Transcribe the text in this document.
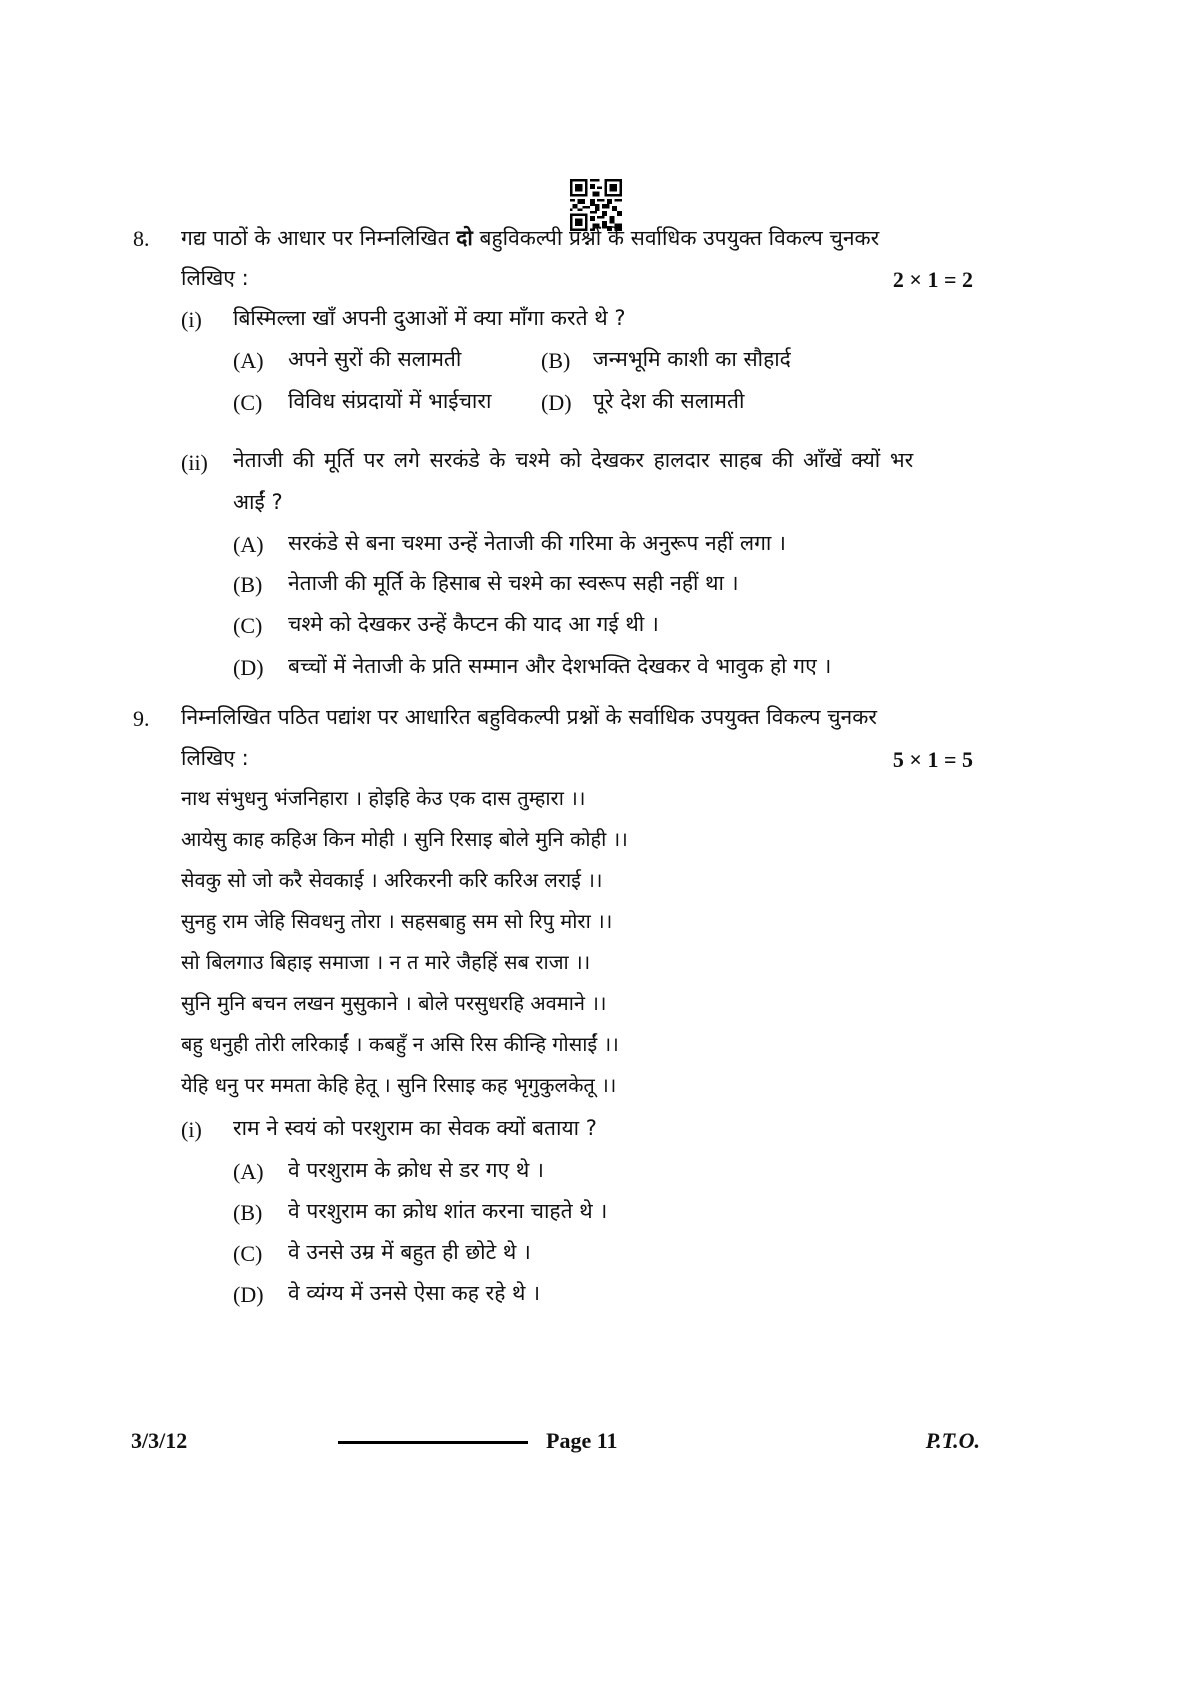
8. गद्य पाठों के आधार पर निम्नलिखित दो बहुविकल्पी प्रश्नों के सर्वाधिक उपयुक्त विकल्प चुनकर
लिखिए :	2 × 1 = 2
(i) बिस्मिल्ला खाँ अपनी दुआओं में क्या माँगा करते थे ?
(A) अपने सुरों की सलामती	(B) जन्मभूमि काशी का सौहार्द
(C) विविध संप्रदायों में भाईचारा (D) पूरे देश की सलामती
(ii) नेताजी की मूर्ति पर लगे सरकंडे के चश्मे को देखकर हालदार साहब की आँखें क्यों भर
आईं ?
(A) सरकंडे से बना चश्मा उन्हें नेताजी की गरिमा के अनुरूप नहीं लगा ।
(B) नेताजी की मूर्ति के हिसाब से चश्मे का स्वरूप सही नहीं था ।
(C) चश्मे को देखकर उन्हें कैप्टन की याद आ गई थी ।
(D) बच्चों में नेताजी के प्रति सम्मान और देशभक्ति देखकर वे भावुक हो गए ।
9. निम्नलिखित पठित पद्यांश पर आधारित बहुविकल्पी प्रश्नों के सर्वाधिक उपयुक्त विकल्प चुनकर
लिखिए :	5 × 1 = 5
नाथ संभुधनु भंजनिहारा । होइहि केउ एक दास तुम्हारा ।।
आयेसु काह कहिअ किन मोही । सुनि रिसाइ बोले मुनि कोही ।।
सेवकु सो जो करै सेवकाई । अरिकरनी करि करिअ लराई ।।
सुनहु राम जेहि सिवधनु तोरा । सहसबाहु सम सो रिपु मोरा ।।
सो बिलगाउ बिहाइ समाजा । न त मारे जैहहिं सब राजा ।।
सुनि मुनि बचन लखन मुसुकाने । बोले परसुधरहि अवमाने ।।
बहु धनुही तोरी लरिकाईं । कबहुँ न असि रिस कीन्हि गोसाईं ।।
येहि धनु पर ममता केहि हेतू । सुनि रिसाइ कह भृगुकुलकेतू ।।
(i) राम ने स्वयं को परशुराम का सेवक क्यों बताया ?
(A) वे परशुराम के क्रोध से डर गए थे ।
(B) वे परशुराम का क्रोध शांत करना चाहते थे ।
(C) वे उनसे उम्र में बहुत ही छोटे थे ।
(D) वे व्यंग्य में उनसे ऐसा कह रहे थे ।
3/3/12	Page 11	P.T.O.
